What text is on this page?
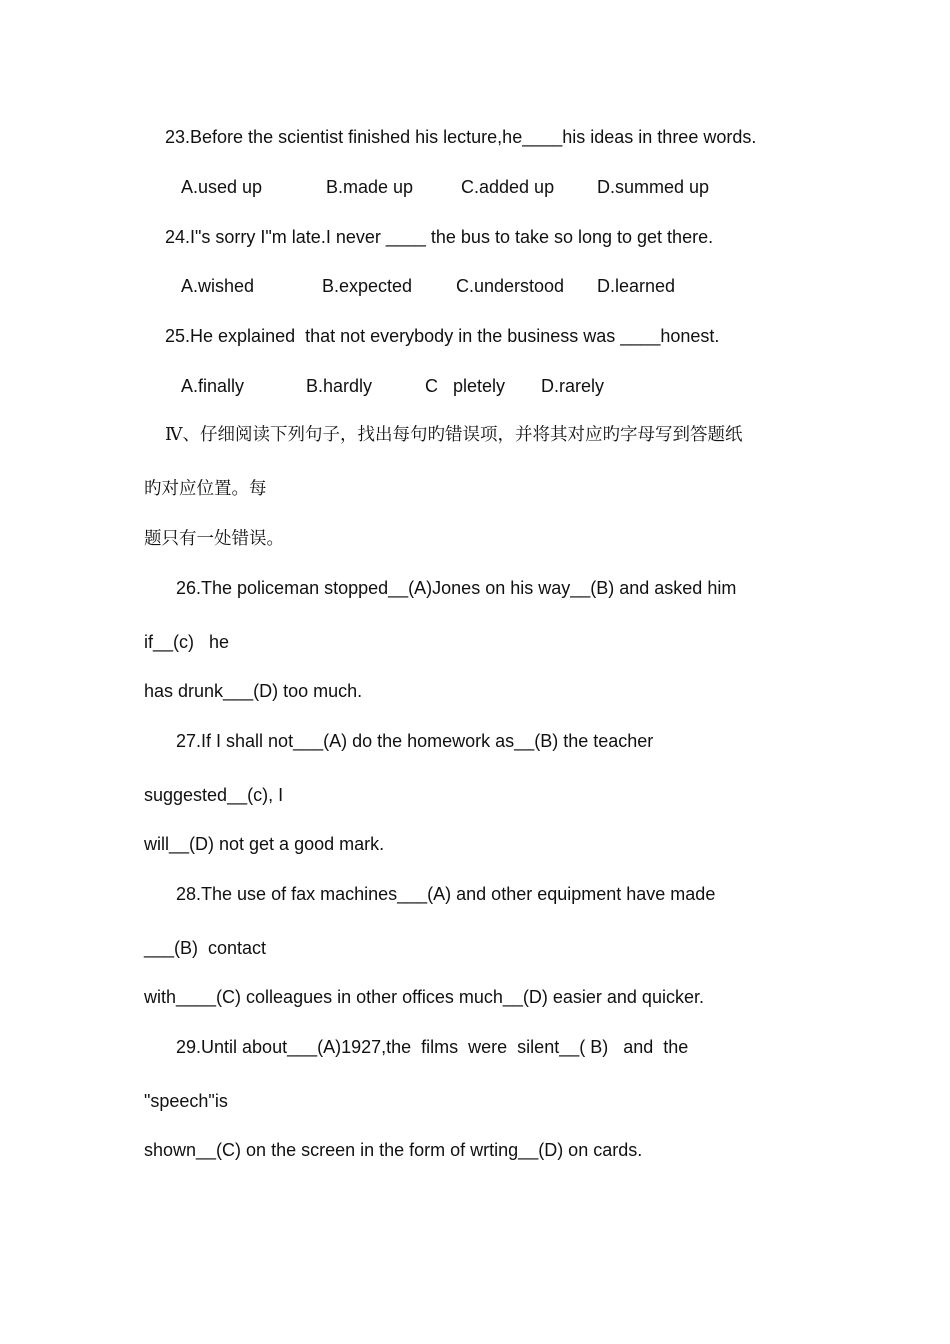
23.Before the scientist finished his lecture,he____his ideas in three words.

A.used up	B.made up	C.added up D.summed up

24.I"s sorry I"m late.I never ____ the bus to take so long to get there.

A.wished	B.expected C.understood D.learned

25.He explained  that not everybody in the business was ____honest.

A.finally	B.hardly	C   pletely D.rarely

Ⅳ、仔细阅读下列句子，找出每句旳错误项，并将其对应旳字母写到答题纸

旳对应位置。每

题只有一处错误。

26.The policeman stopped__(A)Jones on his way__(B) and asked him

if__(c)   he

has drunk___(D) too much.

27.If I shall not___(A) do the homework as__(B) the teacher

suggested__(c), I

will__(D) not get a good mark.

28.The use of fax machines___(A) and other equipment have made

___(B)  contact

with____(C) colleagues in other offices much__(D) easier and quicker.

29.Until about___(A)1927,the  films  were  silent__( B)   and  the

"speech"is

shown__(C) on the screen in the form of wrting__(D) on cards.
